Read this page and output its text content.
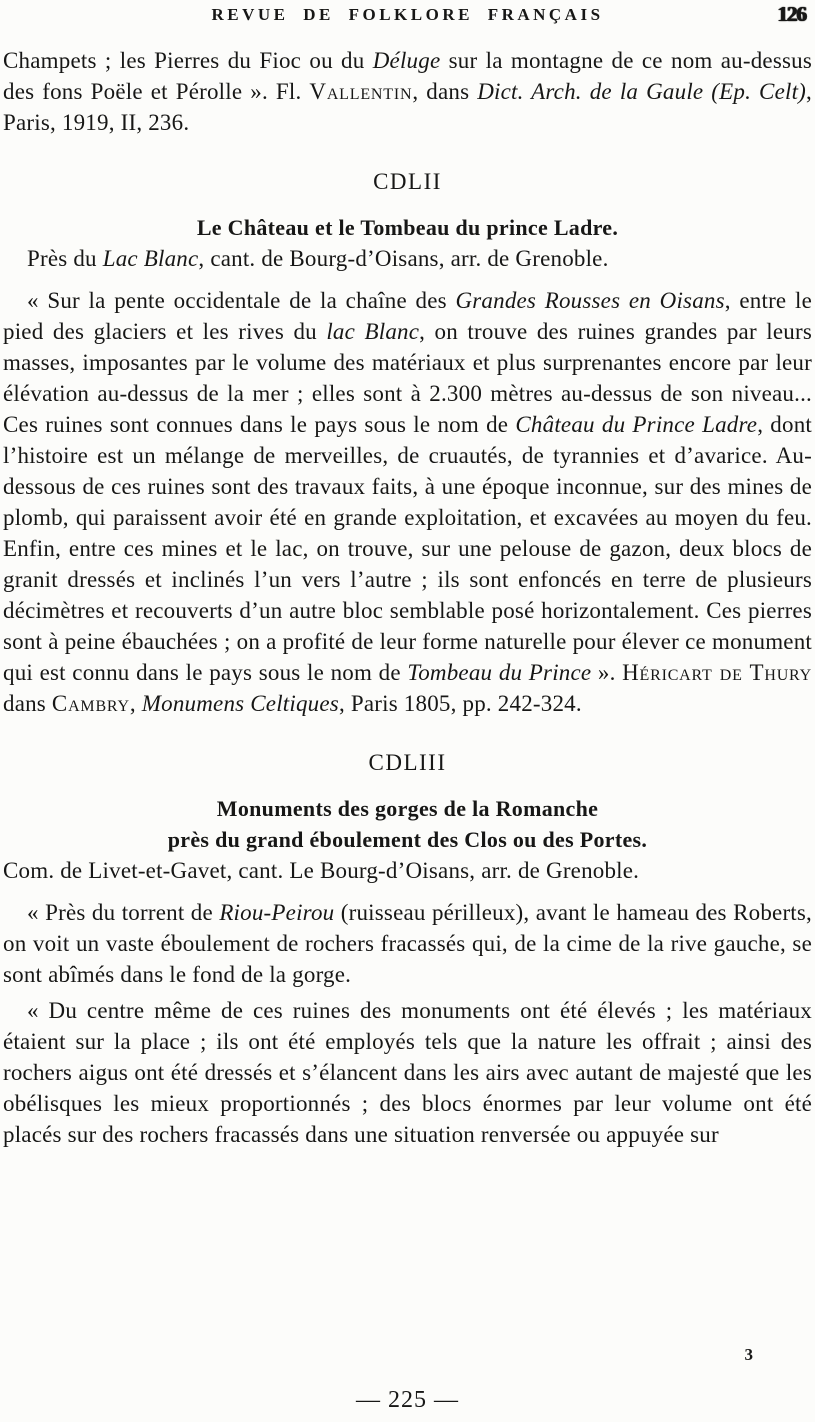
REVUE DE FOLKLORE FRANÇAIS	126

Champets ; les Pierres du Fioc ou du Déluge sur la montagne de ce nom au-dessus des fons Poële et Pérolle ». Fl. Vallentin, dans Dict. Arch. de la Gaule (Ep. Celt), Paris, 1919, II, 236.

CDLII
Le Château et le Tombeau du prince Ladre.

Près du Lac Blanc, cant. de Bourg-d’Oisans, arr. de Grenoble.

« Sur la pente occidentale de la chaîne des Grandes Rousses en Oisans, entre le pied des glaciers et les rives du lac Blanc, on trouve des ruines grandes par leurs masses, imposantes par le volume des matériaux et plus surprenantes encore par leur élévation au-dessus de la mer ; elles sont à 2.300 mètres au-dessus de son niveau... Ces ruines sont connues dans le pays sous le nom de Château du Prince Ladre, dont l’histoire est un mélange de merveilles, de cruautés, de tyrannies et d’avarice. Au-dessous de ces ruines sont des travaux faits, à une époque inconnue, sur des mines de plomb, qui paraissent avoir été en grande exploitation, et excavées au moyen du feu. Enfin, entre ces mines et le lac, on trouve, sur une pelouse de gazon, deux blocs de granit dressés et inclinés l’un vers l’autre ; ils sont enfoncés en terre de plusieurs décimètres et recouverts d’un autre bloc semblable posé horizontalement. Ces pierres sont à peine ébauchées ; on a profité de leur forme naturelle pour élever ce monument qui est connu dans le pays sous le nom de Tombeau du Prince ». Héricart de Thury dans Cambry, Monumens Celtiques, Paris 1805, pp. 242-324.

CDLIII
Monuments des gorges de la Romanche
près du grand éboulement des Clos ou des Portes.

Com. de Livet-et-Gavet, cant. Le Bourg-d’Oisans, arr. de Grenoble.

« Près du torrent de Riou-Peirou (ruisseau périlleux), avant le hameau des Roberts, on voit un vaste éboulement de rochers fracassés qui, de la cime de la rive gauche, se sont abîmés dans le fond de la gorge.

« Du centre même de ces ruines des monuments ont été élevés ; les matériaux étaient sur la place ; ils ont été employés tels que la nature les offrait ; ainsi des rochers aigus ont été dressés et s’élancent dans les airs avec autant de majesté que les obélisques les mieux proportionnés ; des blocs énormes par leur volume ont été placés sur des rochers fracassés dans une situation renversée ou appuyée sur

3
— 225 —
